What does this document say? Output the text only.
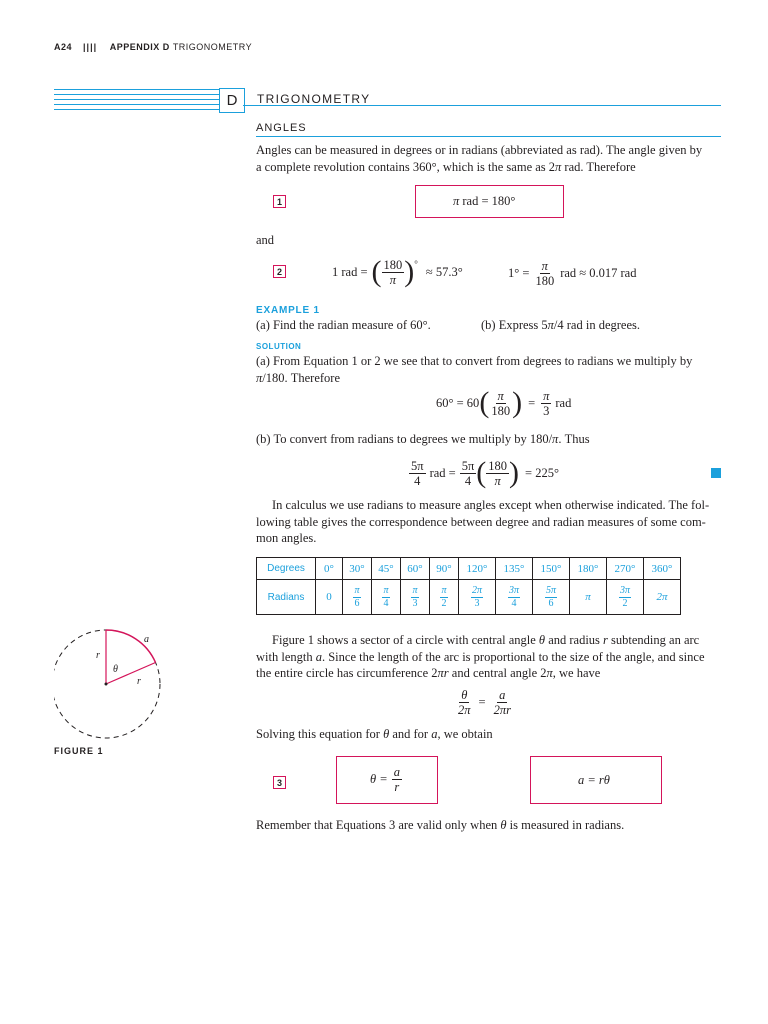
A24 |||| APPENDIX D TRIGONOMETRY
D TRIGONOMETRY
ANGLES
Angles can be measured in degrees or in radians (abbreviated as rad). The angle given by
a complete revolution contains 360°, which is the same as 2π rad. Therefore
1	π rad = 180°
and
2	1 rad = ( $\frac{180}{\pi}$ ) °
≈ 57.3°	$1^\circ = \frac{\pi}{180}$ rad ≈ 0.017 rad
EXAMPLE 1
(a) Find the radian measure of 60°.	(b) Express 5π/4 rad in degrees.
SOLUTION
(a) From Equation 1 or 2 we see that to convert from degrees to radians we multiply by
π/180. Therefore
60° = 60 ( $\frac{\pi}{180}$ ) = $\frac{\pi}{3}$ rad
(b) To convert from radians to degrees we multiply by 180/π. Thus
$\frac{5\pi}{4}$ rad = $\frac{5\pi}{4}$ ( $\frac{180}{\pi}$ ) = 225°
In calculus we use radians to measure angles except when otherwise indicated. The fol-
lowing table gives the correspondence between degree and radian measures of some com-
mon angles.
Degrees	0°	30°	45°	60°	90°	120°	135°	150°	180°	270°	360°
Radians	0	$\frac{\pi}{6}$	$\frac{\pi}{4}$	$\frac{\pi}{3}$	$\frac{\pi}{2}$	$\frac{2\pi}{3}$	$\frac{3\pi}{4}$	$\frac{5\pi}{6}$	π	$\frac{3\pi}{2}$	2π
a
r
θ
r
FIGURE 1
Figure 1 shows a sector of a circle with central angle θ and radius r subtending an arc
with length a. Since the length of the arc is proportional to the size of the angle, and since
the entire circle has circumference 2πr and central angle 2π, we have
$\frac{\theta}{2\pi} = \frac{a}{2\pi r}$
Solving this equation for θ and for a, we obtain
3	$\theta = \frac{a}{r}$	a = rθ
Remember that Equations 3 are valid only when θ is measured in radians.
